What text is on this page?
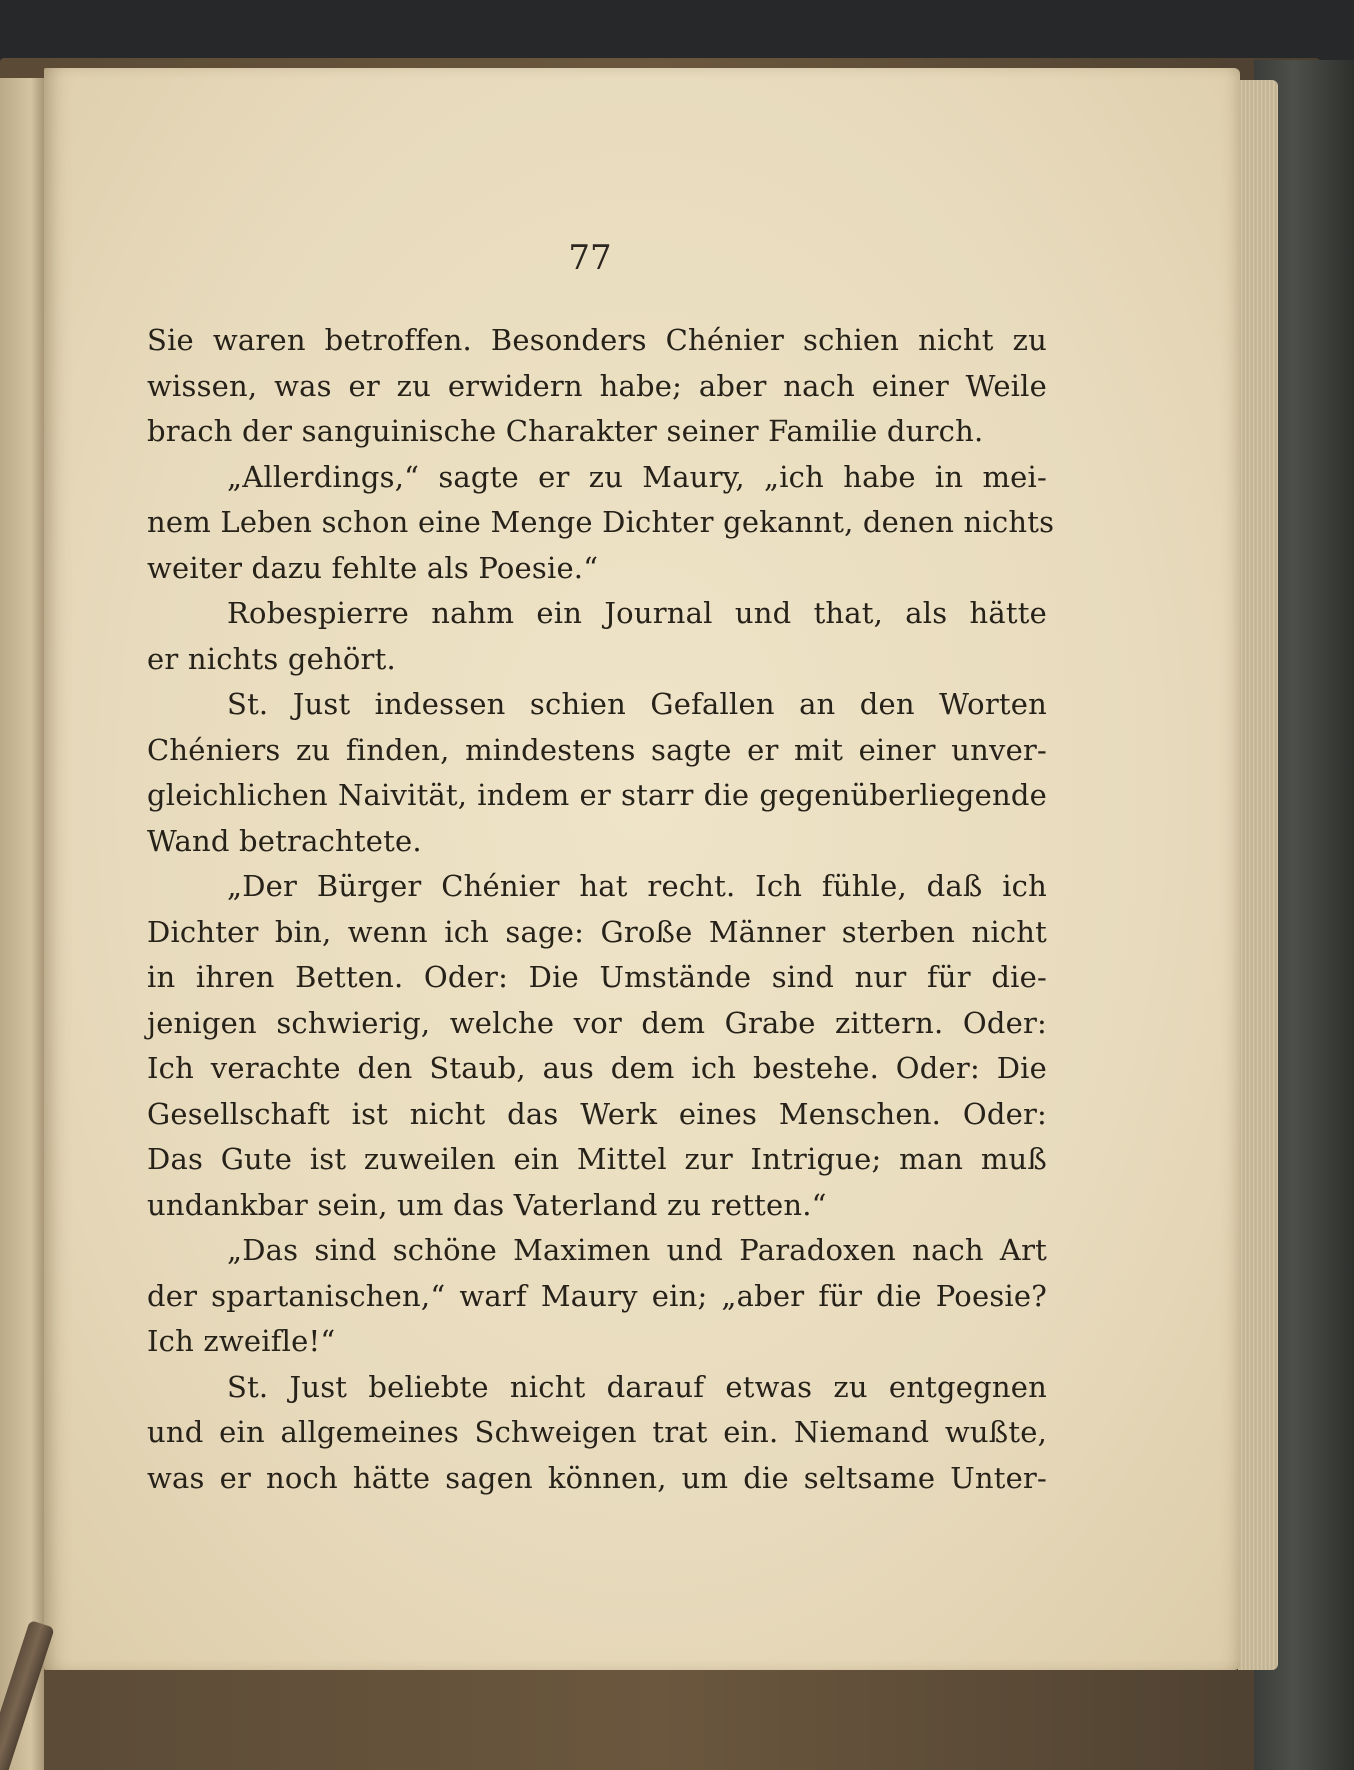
77
Sie waren betroffen. Besonders Chénier schien nicht zu
wissen, was er zu erwidern habe; aber nach einer Weile
brach der sanguinische Charakter seiner Familie durch.
„Allerdings,“ sagte er zu Maury, „ich habe in mei-
nem Leben schon eine Menge Dichter gekannt, denen nichts
weiter dazu fehlte als Poesie.“
Robespierre nahm ein Journal und that, als hätte
er nichts gehört.
St. Just indessen schien Gefallen an den Worten
Chéniers zu finden, mindestens sagte er mit einer unver-
gleichlichen Naivität, indem er starr die gegenüberliegende
Wand betrachtete.
„Der Bürger Chénier hat recht. Ich fühle, daß ich
Dichter bin, wenn ich sage: Große Männer sterben nicht
in ihren Betten. Oder: Die Umstände sind nur für die-
jenigen schwierig, welche vor dem Grabe zittern. Oder:
Ich verachte den Staub, aus dem ich bestehe. Oder: Die
Gesellschaft ist nicht das Werk eines Menschen. Oder:
Das Gute ist zuweilen ein Mittel zur Intrigue; man muß
undankbar sein, um das Vaterland zu retten.“
„Das sind schöne Maximen und Paradoxen nach Art
der spartanischen,“ warf Maury ein; „aber für die Poesie?
Ich zweifle!“
St. Just beliebte nicht darauf etwas zu entgegnen
und ein allgemeines Schweigen trat ein. Niemand wußte,
was er noch hätte sagen können, um die seltsame Unter-
